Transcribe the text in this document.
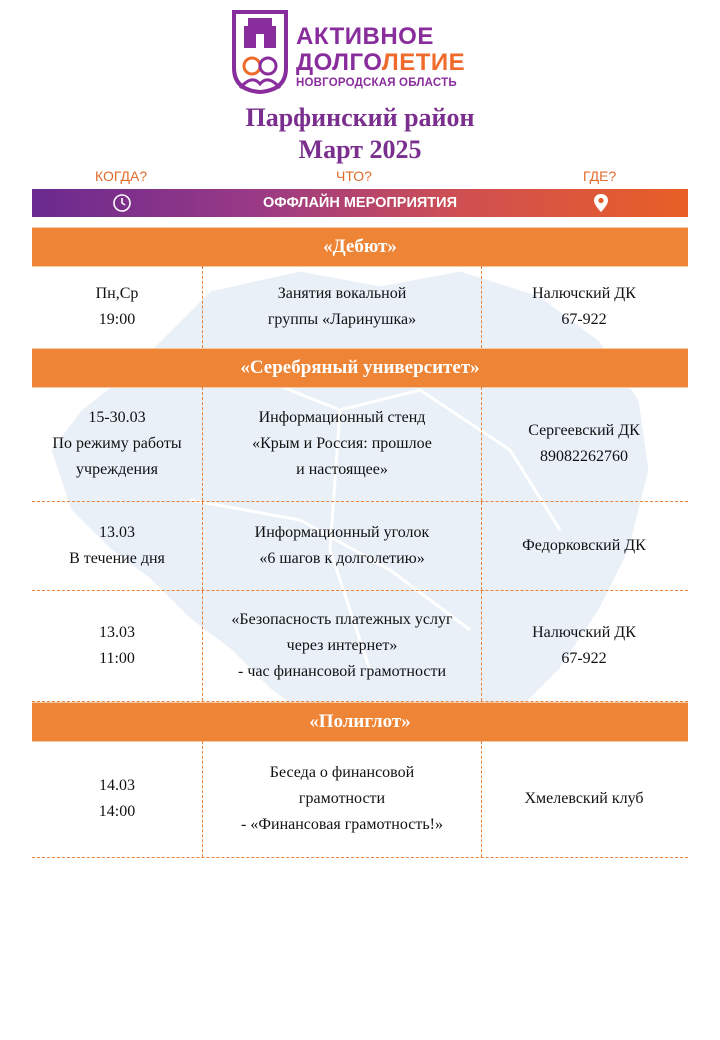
АКТИВНОЕ
ДОЛГОЛЕТИЕ
НОВГОРОДСКАЯ ОБЛАСТЬ
Парфинский район
Март 2025
КОГДА?	ЧТО?	ГДЕ?
ОФФЛАЙН МЕРОПРИЯТИЯ
«Дебют»
Пн,Ср
19:00
Занятия вокальной
группы «Ларинушка»
Налючский ДК
67-922
«Серебряный университет»
15-30.03
По режиму работы
учреждения
Информационный стенд
«Крым и Россия: прошлое
и настоящее»
Сергеевский ДК
89082262760
13.03
В течение дня
Информационный уголок
«6 шагов к долголетию»
Федорковский ДК
13.03
11:00
«Безопасность платежных услуг
через интернет»
- час финансовой грамотности
Налючский ДК
67-922
«Полиглот»
14.03
14:00
Беседа о финансовой
грамотности
- «Финансовая грамотность!»
Хмелевский клуб
